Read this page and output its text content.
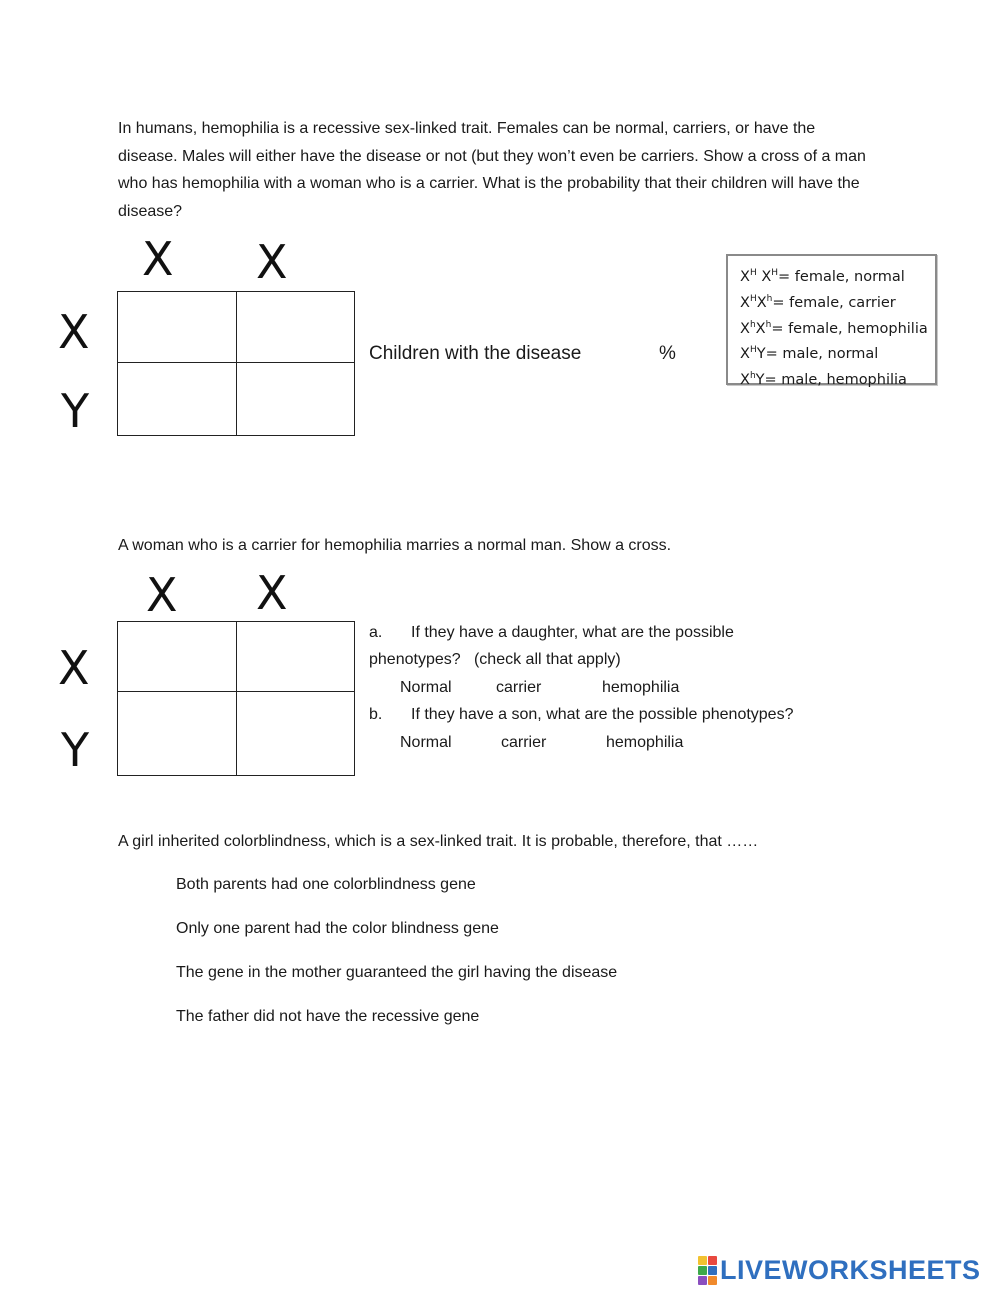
In humans, hemophilia is a recessive sex-linked trait. Females can be normal, carriers, or have the disease. Males will either have the disease or not (but they won’t even be carriers. Show a cross of a man who has hemophilia with a woman who is a carrier. What is the probability that their children will have the disease?
X X
X
Y
Children with the disease	%
$X^H$ $X^H=$ female, normal
$X^HX^h=$ female, carrier
$X^hX^h=$ female, hemophilia
$X^HY=$ male, normal
$X^hY=$ male, hemophilia
A woman who is a carrier for hemophilia marries a normal man. Show a cross.
X X
X
Y
a. If they have a daughter, what are the possible
phenotypes?   (check all that apply)
Normal	carrier	hemophilia
b. If they have a son, what are the possible phenotypes?
Normal	carrier	hemophilia
A girl inherited colorblindness, which is a sex-linked trait. It is probable, therefore, that ……
Both parents had one colorblindness gene
Only one parent had the color blindness gene
The gene in the mother guaranteed the girl having the disease
The father did not have the recessive gene
LIVEWORKSHEETS
